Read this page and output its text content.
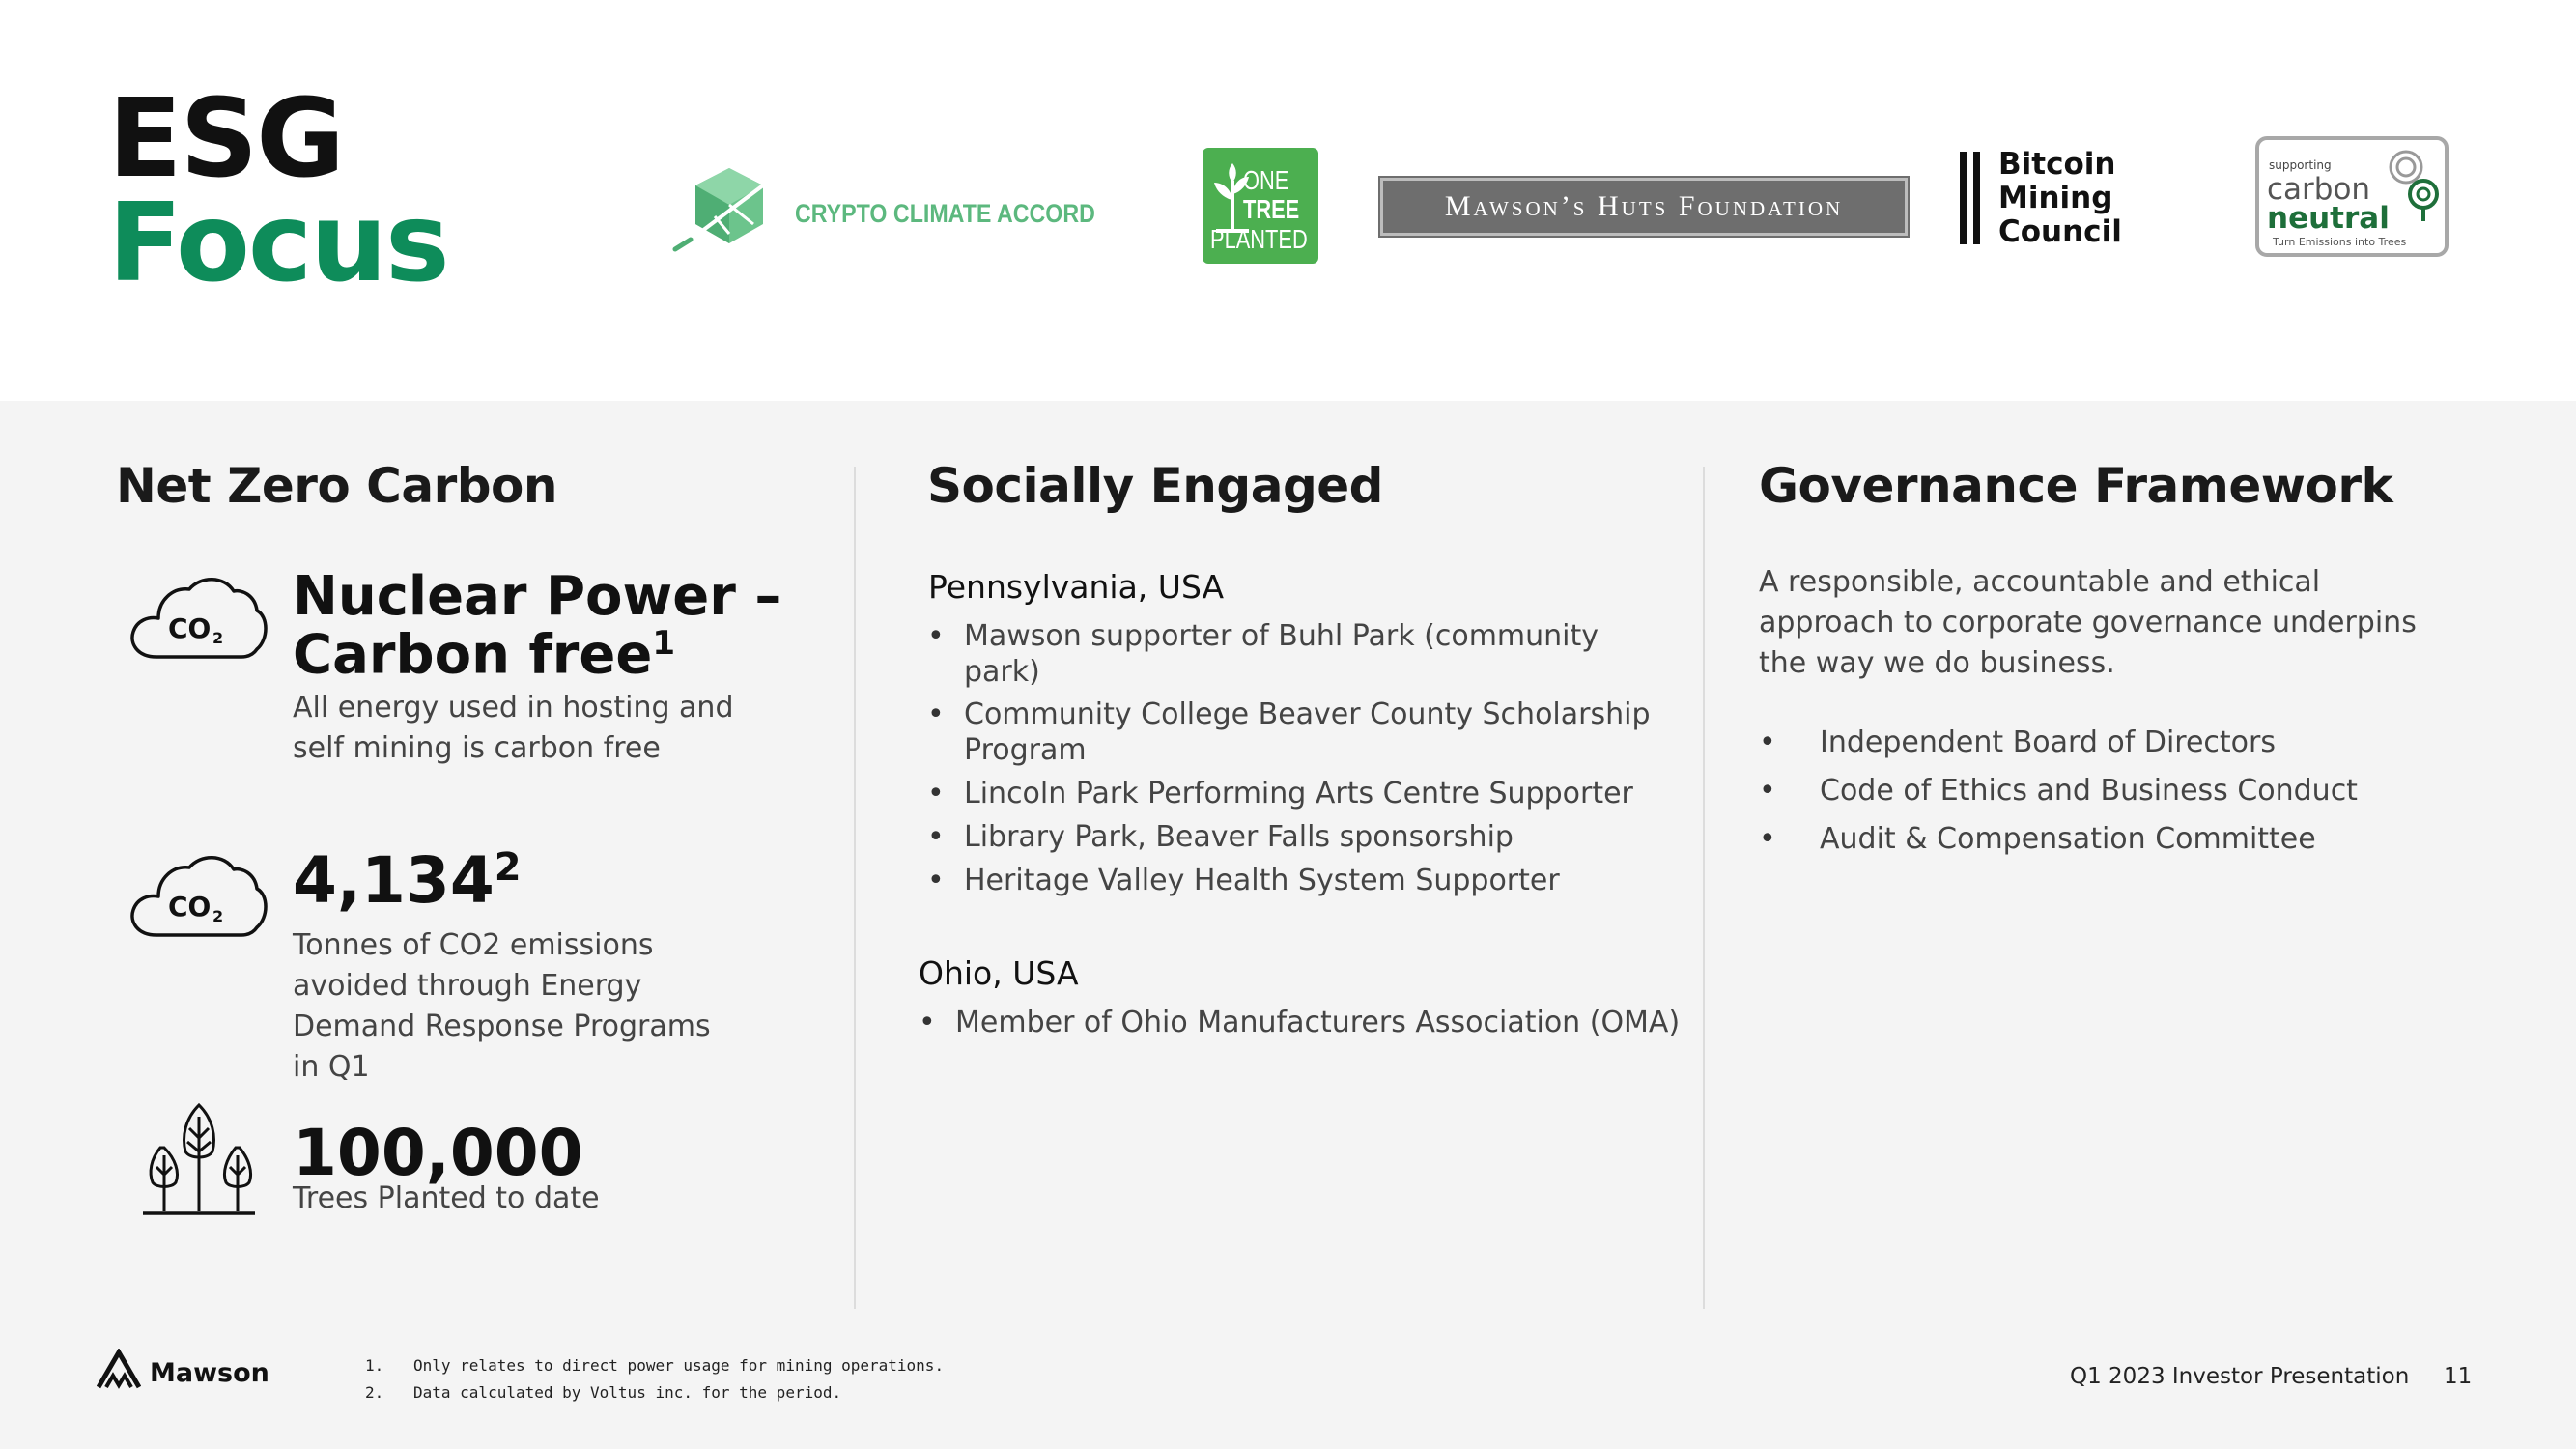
ESG
Focus	CRYPTO CLIMATE ACCORD
ONE
TREE
PLANTED
Mawson’s Huts Foundation
Bitcoin
Mining
Council
supporting
carbon
neutral
Turn Emissions into Trees
Net Zero Carbon
CO 2
Nuclear Power –
Carbon free$^1$
All energy used in hosting and self mining is carbon free
CO 2 4,134$^2$
Tonnes of CO2 emissions avoided through Energy Demand Response Programs in Q1
100,000
Trees Planted to date
Socially Engaged
Pennsylvania, USA
• Mawson supporter of Buhl Park (community park)
• Community College Beaver County Scholarship Program
• Lincoln Park Performing Arts Centre Supporter
• Library Park, Beaver Falls sponsorship
• Heritage Valley Health System Supporter
Ohio, USA
• Member of Ohio Manufacturers Association (OMA)
Governance Framework
A responsible, accountable and ethical approach to corporate governance underpins the way we do business.
• Independent Board of Directors
• Code of Ethics and Business Conduct
• Audit & Compensation Committee
Mawson	1. Only relates to direct power usage for mining operations.
2. Data calculated by Voltus inc. for the period.
Q1 2023 Investor Presentation 11
